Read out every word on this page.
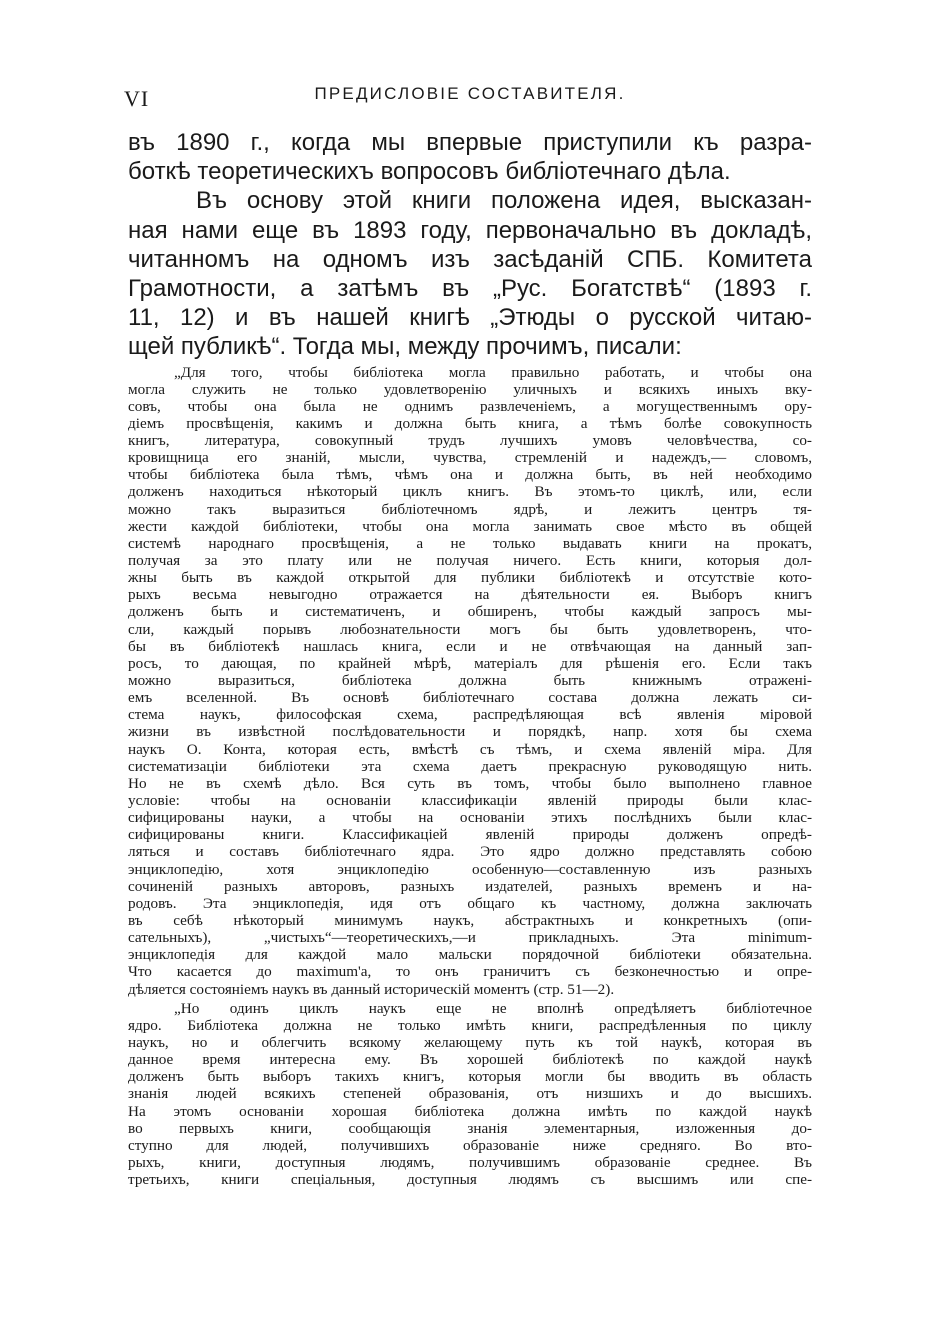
VI	ПРЕДИСЛОВІЕ СОСТАВИТЕЛЯ.
въ 1890 г., когда мы впервые приступили къ разра-
боткѣ теоретическихъ вопросовъ библіотечнаго дѣла.
Въ основу этой книги положена идея, высказан-
ная нами еще въ 1893 году, первоначально въ докладѣ,
читанномъ на одномъ изъ засѣданій СПБ. Комитета
Грамотности, а затѣмъ въ „Рус. Богатствѣ“ (1893 г.
11, 12) и въ нашей книгѣ „Этюды о русской читаю-
щей публикѣ“. Тогда мы, между прочимъ, писали:
„Для того, чтобы библіотека могла правильно работать, и чтобы она
могла служить не только удовлетворенію уличныхъ и всякихъ иныхъ вку-
совъ, чтобы она была не однимъ развлеченіемъ, а могущественнымъ ору-
діемъ просвѣщенія, какимъ и должна быть книга, а тѣмъ болѣе совокупность
книгъ, литература, совокупный трудъ лучшихъ умовъ человѣчества, со-
кровищница его знаній, мысли, чувства, стремленій и надеждъ,— словомъ,
чтобы библіотека была тѣмъ, чѣмъ она и должна быть, въ ней необходимо
долженъ находиться нѣкоторый циклъ книгъ. Въ этомъ-то циклѣ, или, если
можно такъ выразиться библіотечномъ ядрѣ, и лежитъ центръ тя-
жести каждой библіотеки, чтобы она могла занимать свое мѣсто въ общей
системѣ народнаго просвѣщенія, а не только выдавать книги на прокатъ,
получая за это плату или не получая ничего. Есть книги, которыя дол-
жны быть въ каждой открытой для публики библіотекѣ и отсутствіе кото-
рыхъ весьма невыгодно отражается на дѣятельности ея. Выборъ книгъ
долженъ быть и систематиченъ, и обширенъ, чтобы каждый запросъ мы-
сли, каждый порывъ любознательности могъ бы быть удовлетворенъ, что-
бы въ библіотекѣ нашлась книга, если и не отвѣчающая на данный зап-
росъ, то дающая, по крайней мѣрѣ, матеріалъ для рѣшенія его. Если такъ
можно выразиться, библіотека должна быть книжнымъ отраженi-
емъ вселенной. Въ основѣ библіотечнаго состава должна лежать си-
стема наукъ, философская схема, распредѣляющая всѣ явленія міровой
жизни въ извѣстной послѣдовательности и порядкѣ, напр. хотя бы схема
наукъ О. Конта, которая есть, вмѣстѣ съ тѣмъ, и схема явленій міра. Для
систематизаціи библіотеки эта схема даетъ прекрасную руководящую нить.
Но не въ схемѣ дѣло. Вся суть въ томъ, чтобы было выполнено главное
условіе: чтобы на основаніи классификаціи явленій природы были клас-
сифицированы науки, а чтобы на основаніи этихъ послѣднихъ были клас-
сифицированы книги. Классификаціей явленій природы долженъ опредѣ-
ляться и составъ библіотечнаго ядра. Это ядро должно представлять собою
энциклопедію, хотя энциклопедію особенную—составленную изъ разныхъ
сочиненій разныхъ авторовъ, разныхъ издателей, разныхъ временъ и на-
родовъ. Эта энциклопедія, идя отъ общаго къ частному, должна заключать
въ себѣ нѣкоторый минимумъ наукъ, абстрактныхъ и конкретныхъ (опи-
сательныхъ), „чистыхъ“—теоретическихъ,—и прикладныхъ. Эта minimum-
энциклопедія для каждой мало мальски порядочной библіотеки обязательна.
Что касается до maximum'а, то онъ граничитъ съ безконечностью и опре-
дѣляется состояніемъ наукъ въ данный историческій моментъ (стр. 51—2).
„Но одинъ циклъ наукъ еще не вполнѣ опредѣляетъ библіотечное
ядро. Библіотека должна не только имѣть книги, распредѣленныя по циклу
наукъ, но и облегчить всякому желающему путь къ той наукѣ, которая въ
данное время интересна ему. Въ хорошей библіотекѣ по каждой наукѣ
долженъ быть выборъ такихъ книгъ, которыя могли бы вводить въ область
знанія людей всякихъ степеней образованія, отъ низшихъ и до высшихъ.
На этомъ основаніи хорошая библіотека должна имѣть по каждой наукѣ
во первыхъ книги, сообщающія знанія элементарныя, изложенныя до-
ступно для людей, получившихъ образованіе ниже средняго. Во вто-
рыхъ, книги, доступныя людямъ, получившимъ образованіе среднее. Въ
третьихъ, книги спеціальныя, доступныя людямъ съ высшимъ или спе-
